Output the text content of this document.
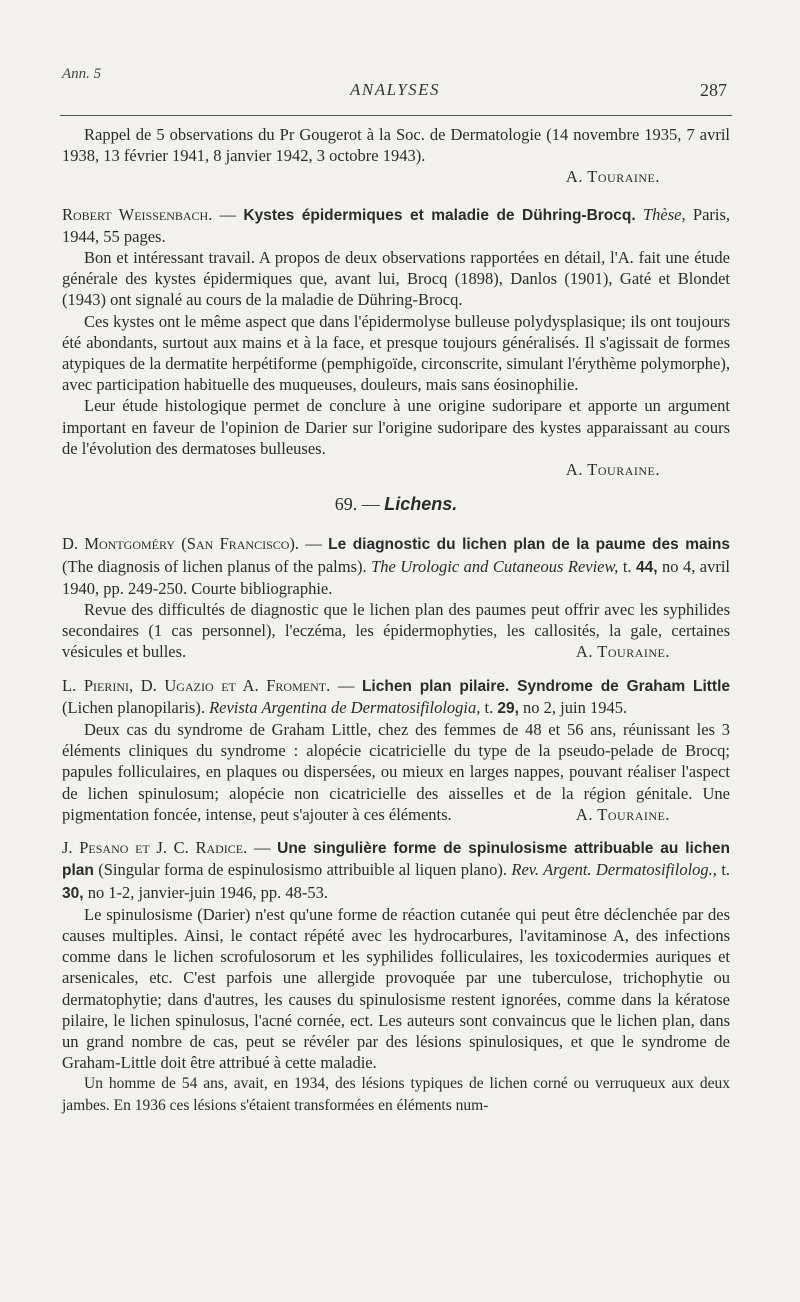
Ann. 5
ANALYSES	287

Rappel de 5 observations du Pr Gougerot à la Soc. de Dermatologie (14 novembre 1935, 7 avril 1938, 13 février 1941, 8 janvier 1942, 3 octobre 1943).

A. Touraine.

Robert Weissenbach. — Kystes épidermiques et maladie de Dühring-Brocq. Thèse, Paris, 1944, 55 pages.

Bon et intéressant travail. A propos de deux observations rapportées en détail, l'A. fait une étude générale des kystes épidermiques que, avant lui, Brocq (1898), Danlos (1901), Gaté et Blondet (1943) ont signalé au cours de la maladie de Dühring-Brocq.

Ces kystes ont le même aspect que dans l'épidermolyse bulleuse polydysplasique; ils ont toujours été abondants, surtout aux mains et à la face, et presque toujours généralisés. Il s'agissait de formes atypiques de la dermatite herpétiforme (pemphigoïde, circonscrite, simulant l'érythème polymorphe), avec participation habituelle des muqueuses, douleurs, mais sans éosinophilie.

Leur étude histologique permet de conclure à une origine sudoripare et apporte un argument important en faveur de l'opinion de Darier sur l'origine sudoripare des kystes apparaissant au cours de l'évolution des dermatoses bulleuses.

A. Touraine.

69. — Lichens.

D. Montgoméry (San Francisco). — Le diagnostic du lichen plan de la paume des mains (The diagnosis of lichen planus of the palms). The Urologic and Cutaneous Review, t. 44, no 4, avril 1940, pp. 249-250. Courte bibliographie.

Revue des difficultés de diagnostic que le lichen plan des paumes peut offrir avec les syphilides secondaires (1 cas personnel), l'eczéma, les épidermophyties, les callosités, la gale, certaines vésicules et bulles.	A. Touraine.

L. Pierini, D. Ugazio et A. Froment. — Lichen plan pilaire. Syndrome de Graham Little (Lichen planopilaris). Revista Argentina de Dermatosifilologia, t. 29, no 2, juin 1945.

Deux cas du syndrome de Graham Little, chez des femmes de 48 et 56 ans, réunissant les 3 éléments cliniques du syndrome : alopécie cicatricielle du type de la pseudo-pelade de Brocq; papules folliculaires, en plaques ou dispersées, ou mieux en larges nappes, pouvant réaliser l'aspect de lichen spinulosum; alopécie non cicatricielle des aisselles et de la région génitale. Une pigmentation foncée, intense, peut s'ajouter à ces éléments.	A. Touraine.

J. Pesano et J. C. Radice. — Une singulière forme de spinulosisme attribuable au lichen plan (Singular forma de espinulosismo attribuible al liquen plano). Rev. Argent. Dermatosifilolog., t. 30, no 1-2, janvier-juin 1946, pp. 48-53.

Le spinulosisme (Darier) n'est qu'une forme de réaction cutanée qui peut être déclenchée par des causes multiples. Ainsi, le contact répété avec les hydrocarbures, l'avitaminose A, des infections comme dans le lichen scrofulosorum et les syphilides folliculaires, les toxicodermies auriques et arsenicales, etc. C'est parfois une allergide provoquée par une tuberculose, trichophytie ou dermatophytie; dans d'autres, les causes du spinulosisme restent ignorées, comme dans la kératose pilaire, le lichen spinulosus, l'acné cornée, ect. Les auteurs sont convaincus que le lichen plan, dans un grand nombre de cas, peut se révéler par des lésions spinulosiques, et que le syndrome de Graham-Little doit être attribué à cette maladie.

Un homme de 54 ans, avait, en 1934, des lésions typiques de lichen corné ou verruqueux aux deux jambes. En 1936 ces lésions s'étaient transformées en éléments num-
